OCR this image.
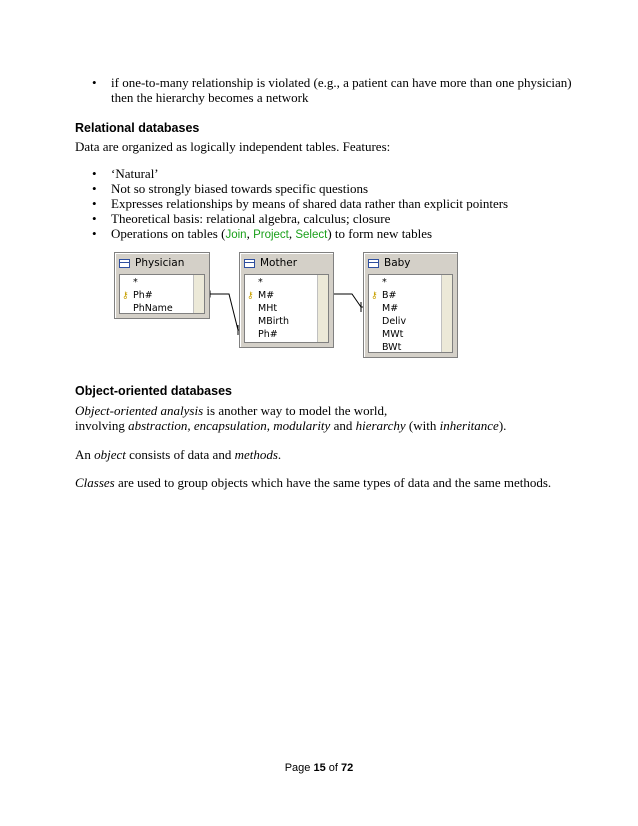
• if one-to-many relationship is violated (e.g., a patient can have more than one physician)
then the hierarchy becomes a network
Relational databases
Data are organized as logically independent tables. Features:
• ‘Natural’
• Not so strongly biased towards specific questions
• Expresses relationships by means of shared data rather than explicit pointers
• Theoretical basis: relational algebra, calculus; closure
• Operations on tables (Join, Project, Select) to form new tables
Physician
*
⚷ Ph#
PhName
Mother
*
⚷ M#
MHt
MBirth
Ph#
Baby
*
⚷ B#
M#
Deliv
MWt
BWt
Object-oriented databases
Object-oriented analysis is another way to model the world,
involving abstraction, encapsulation, modularity and hierarchy (with inheritance).
An object consists of data and methods.
Classes are used to group objects which have the same types of data and the same methods.
Page 15 of 72
